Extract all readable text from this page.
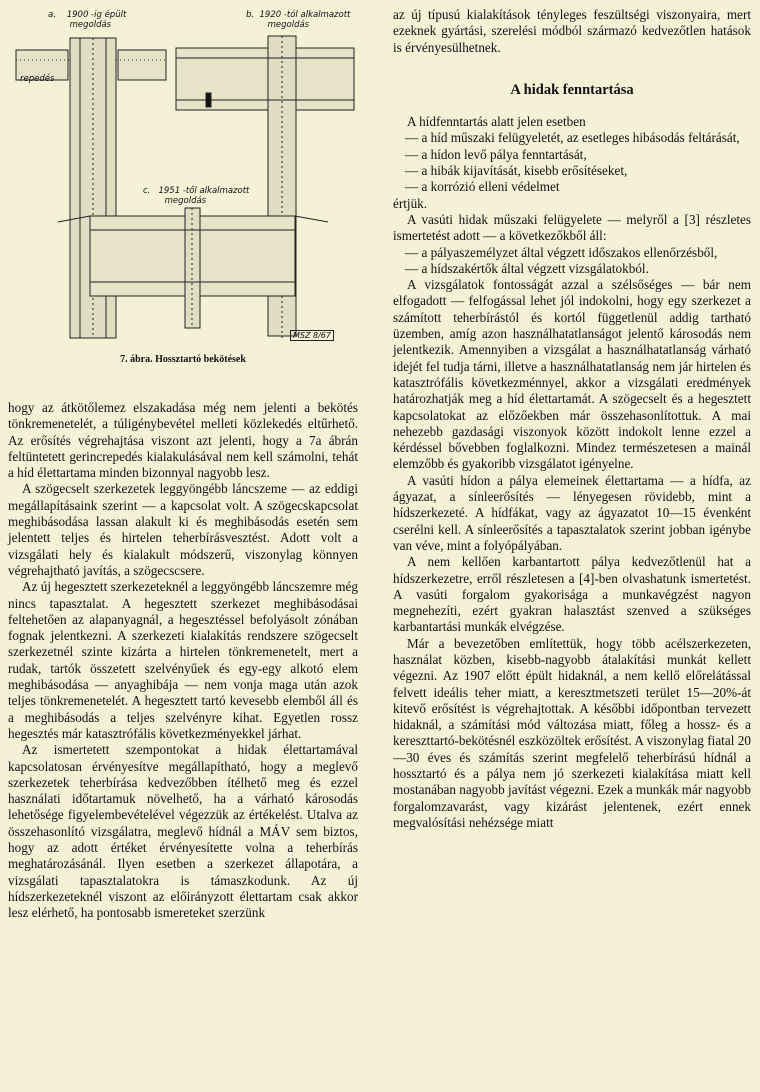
a.    1900 -ig épült
megoldás
b.  1920 -tól alkalmazott
megoldás
c.   1951 -től alkalmazott
megoldás
repedés
MSZ 8/67
7. ábra. Hossztartó bekötések

hogy az átkötőlemez elszakadása még nem jelenti a bekötés tönkremenetelét, a túligénybevétel melleti közlekedés eltűrhető. Az erősítés végrehajtása viszont azt jelenti, hogy a 7a ábrán feltüntetett gerincrepedés kialakulásával nem kell számolni, tehát a híd élettartama minden bizonnyal nagyobb lesz.

A szögecselt szerkezetek leggyöngébb láncszeme — az eddigi megállapításaink szerint — a kapcsolat volt. A szögecskapcsolat meghibásodása lassan alakult ki és meghibásodás esetén sem jelentett teljes és hirtelen teherbírásvesztést. Adott volt a vizsgálati hely és kialakult módszerű, viszonylag könnyen végrehajtható javítás, a szögecscsere.

Az új hegesztett szerkezeteknél a leggyöngébb láncszemre még nincs tapasztalat. A hegesztett szerkezet meghibásodásai feltehetően az alapanyagnál, a hegesztéssel befolyásolt zónában fognak jelentkezni. A szerkezeti kialakítás rendszere szögecselt szerkezetnél szinte kizárta a hirtelen tönkremenetelt, mert a rudak, tartók összetett szelvényűek és egy-egy alkotó elem meghibásodása — anyaghibája — nem vonja maga után azok teljes tönkremenetelét. A hegesztett tartó kevesebb elemből áll és a meghibásodás a teljes szelvényre kihat. Egyetlen rossz hegesztés már katasztrófális következményekkel járhat.

Az ismertetett szempontokat a hidak élettartamával kapcsolatosan érvényesítve megállapítható, hogy a meglevő szerkezetek teherbírása kedvezőbben ítélhető meg és ezzel használati időtartamuk növelhető, ha a várható károsodás lehetősége figyelembevételével végezzük az értékelést. Utalva az összehasonlító vizsgálatra, meglevő hídnál a MÁV sem biztos, hogy az adott értéket érvényesítette volna a teherbírás meghatározásánál. Ilyen esetben a szerkezet állapotára, a vizsgálati tapasztalatokra is támaszkodunk. Az új hídszerkezeteknél viszont az előirányzott élettartam csak akkor lesz elérhető, ha pontosabb ismereteket szerzünk

az új típusú kialakítások tényleges feszültségi viszonyaira, mert ezeknek gyártási, szerelési módból származó kedvezőtlen hatások is érvényesülhetnek.

A hidak fenntartása

A hídfenntartás alatt jelen esetben

— a híd műszaki felügyeletét, az esetleges hibásodás feltárását,

— a hídon levő pálya fenntartását,

— a hibák kijavítását, kisebb erősítéseket,

— a korrózió elleni védelmet

értjük.

A vasúti hidak műszaki felügyelete — melyről a [3] részletes ismertetést adott — a következőkből áll:

— a pályaszemélyzet által végzett időszakos ellenőrzésből,

— a hídszakértők által végzett vizsgálatokból.

A vizsgálatok fontosságát azzal a szélsőséges — bár nem elfogadott — felfogással lehet jól indokolni, hogy egy szerkezet a számított teherbírástól és kortól függetlenül addig tartható üzemben, amíg azon használhatatlanságot jelentő károsodás nem jelentkezik. Amennyiben a vizsgálat a használhatatlanság várható idejét fel tudja tárni, illetve a használhatatlanság nem jár hirtelen és katasztrófális következménnyel, akkor a vizsgálati eredmények határozhatják meg a híd élettartamát. A szögecselt és a hegesztett kapcsolatokat az előzőekben már összehasonlítottuk. A mai nehezebb gazdasági viszonyok között indokolt lenne ezzel a kérdéssel bővebben foglalkozni. Mindez természetesen a mainál elemzőbb és gyakoribb vizsgálatot igényelne.

A vasúti hídon a pálya elemeinek élettartama — a hídfa, az ágyazat, a sínleerősítés — lényegesen rövidebb, mint a hídszerkezeté. A hídfákat, vagy az ágyazatot 10—15 évenként cserélni kell. A sínleerősítés a tapasztalatok szerint jobban igénybe van véve, mint a folyópályában.

A nem kellően karbantartott pálya kedvezőtlenül hat a hídszerkezetre, erről részletesen a [4]-ben olvashatunk ismertetést. A vasúti forgalom gyakorisága a munkavégzést nagyon megnehezíti, ezért gyakran halasztást szenved a szükséges karbantartási munkák elvégzése.

Már a bevezetőben említettük, hogy több acélszerkezeten, használat közben, kisebb-nagyobb átalakítási munkát kellett végezni. Az 1907 előtt épült hidaknál, a nem kellő előrelátással felvett ideális teher miatt, a keresztmetszeti terület 15—20%-át kitevő erősítést is végrehajtottak. A későbbi időpontban tervezett hidaknál, a számítási mód változása miatt, főleg a hossz- és a kereszttartó-bekötésnél eszközöltek erősítést. A viszonylag fiatal 20—30 éves és számítás szerint megfelelő teherbírású hídnál a hossztartó és a pálya nem jó szerkezeti kialakítása miatt kell mostanában nagyobb javítást végezni. Ezek a munkák már nagyobb forgalomzavarást, vagy kizárást jelentenek, ezért ennek megvalósítási nehézsége miatt
